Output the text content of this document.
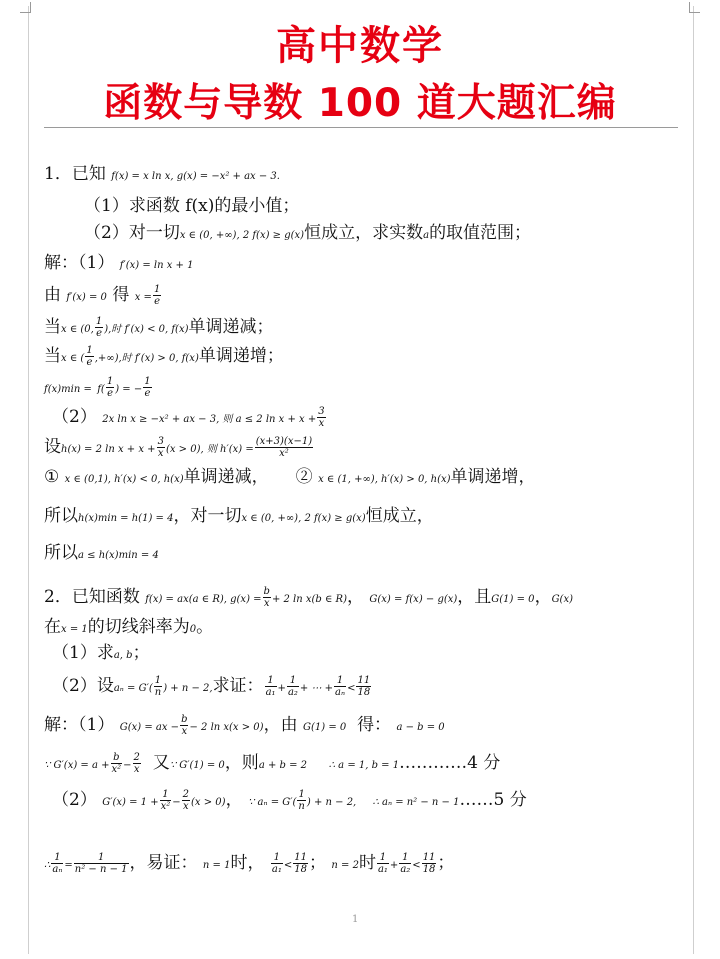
高中数学
函数与导数 100 道大题汇编
1．已知 f(x) = x ln x, g(x) = −x² + ax − 3.
（1）求函数 f(x)的最小值；
（2）对一切x ∈ (0, +∞), 2 f(x) ≥ g(x)恒成立，求实数a的取值范围；
解：（1） f′(x) = ln x + 1
由 f′(x) = 0 得 $x = \frac{1}{e}$
当x ∈ (0, $\frac{1}{e}$ ),时 f′(x) < 0, f(x)单调递减；
当x ∈ ( $\frac{1}{e}$ ,+∞),时 f′(x) > 0, f(x)单调递增；
$f(x)\min = f( \frac{1}{e}$ ) = − $\frac{1}{e}$
（2） 2x ln x ≥ −x² + ax − 3, 则 a ≤ 2 $\ln x + x + \frac{3}{x}$
设h(x) = 2 $\ln x + x + \frac{3}{x} (x > 0)$, 则 $h'(x) = \frac{(x+3)(x-1)}{\text{x²}}$
① x ∈ (0,1), h′(x) < 0, h(x)单调递减， ② x ∈ (1, +∞), h′(x) > 0, h(x)单调递增，
所以h(x)min = h(1) = 4，对一切x ∈ (0, +∞), 2 f(x) ≥ g(x)恒成立，
所以a ≤ h(x)min = 4
2．已知函数 f(x) = ax(a ∈ R), $g(x) = \frac{b}{x} + 2$ ln x(b ∈ R)， G(x) = f(x) − g(x)，且G(1) = 0，G(x)
在x = 1的切线斜率为0。
（1）求a, b；
（2）设$a_n = G'( \frac{1}{n}$ ) + n − 2,求证： $\frac{1}{\text{a₁}} + \frac{1}{\text{a₂}}$ + ⋯ + $\frac{1}{\text{aₙ}} < \frac{11}{18}$
解：（1） G(x) = ax − $\frac{b}{x} - 2$ ln x(x > 0)，由 G(1) = 0 得： a − b = 0
∵ $G'(x) = a + \frac{b}{\text{x²}} - \frac{2}{x}$ 又∵ G′(1) = 0，则a + b = 2 ∴ a = 1, b = 1…………4 分
（2） $G'(x) = 1 + \frac{1}{\text{x²}} - \frac{2}{x} (x > 0)$， ∵ $a_n = G'( \frac{1}{n}$ ) + n − 2, ∴ aₙ = n² − n − 1……5 分
∴ $\frac{1}{\text{aₙ}} = \frac{1}{\text{n² − n − 1}}$ ，易证： n = 1时， $\frac{1}{\text{a₁}} < \frac{11}{18}$ ； n = 2时 $\frac{1}{\text{a₁}} + \frac{1}{\text{a₂}} < \frac{11}{18}$ ；
1
